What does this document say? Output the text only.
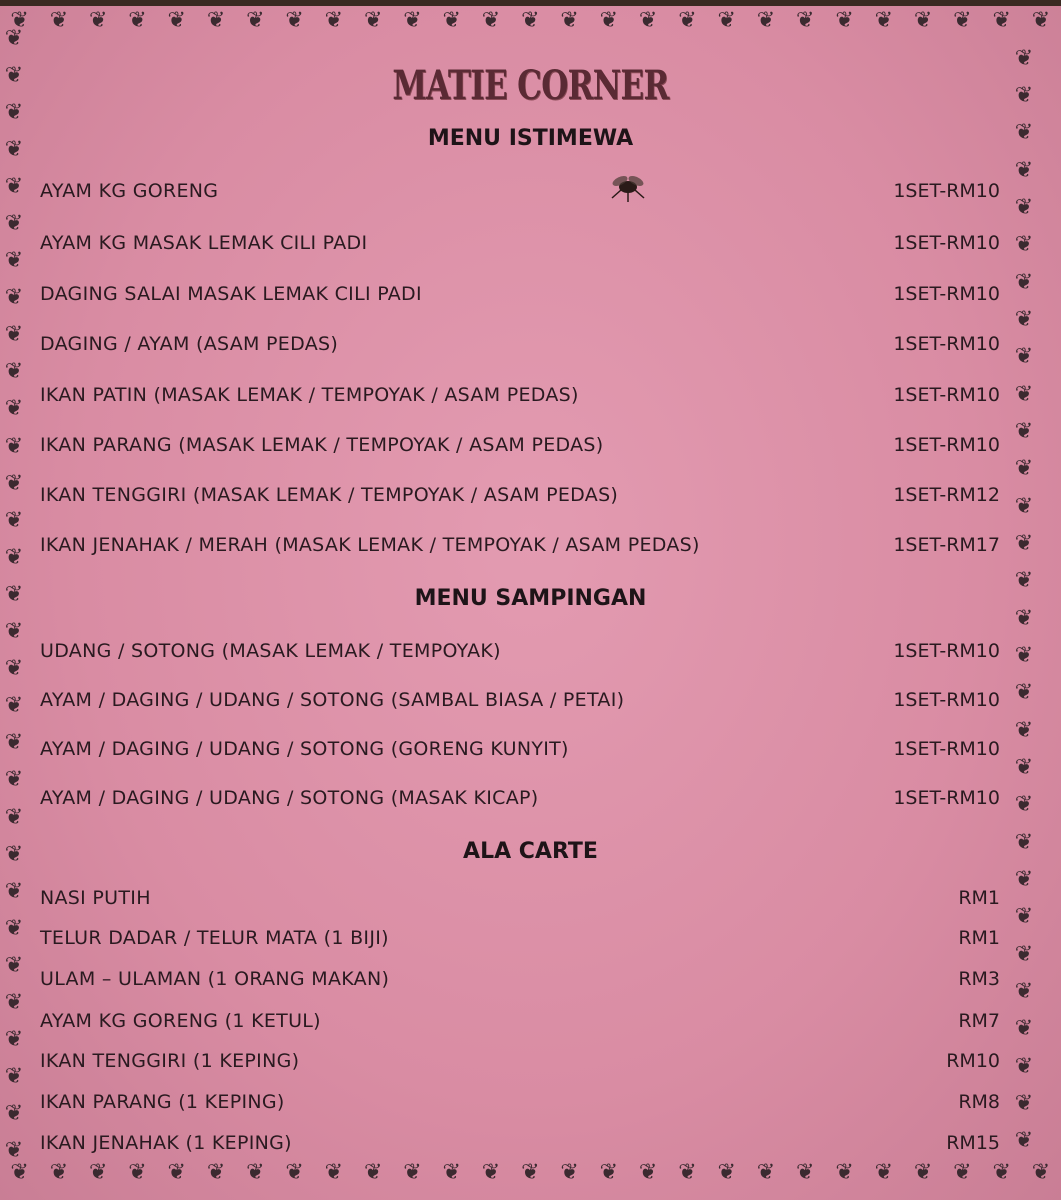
❦ ❦ ❦ ❦ ❦ ❦ ❦ ❦ ❦ ❦ ❦ ❦ ❦ ❦ ❦ ❦ ❦ ❦ ❦ ❦ ❦ ❦ ❦ ❦ ❦ ❦ ❦
❦ ❦ ❦ ❦ ❦ ❦ ❦ ❦ ❦ ❦ ❦ ❦ ❦ ❦ ❦ ❦ ❦ ❦ ❦ ❦ ❦ ❦ ❦ ❦ ❦ ❦ ❦
❦
❦
❦
❦
❦
❦
❦
❦
❦
❦
❦
❦
❦
❦
❦
❦
❦
❦
❦
❦
❦
❦
❦
❦
❦
❦
❦
❦
❦
❦
❦
❦
❦
❦
❦
❦
❦
❦
❦
❦
❦
❦
❦
❦
❦
❦
❦
❦
❦
❦
❦
❦
❦
❦
❦
❦
❦
❦
❦
❦
❦
MATIE CORNER
MENU ISTIMEWA
AYAM KG GORENG	1SET-RM10
AYAM KG MASAK LEMAK CILI PADI	1SET-RM10
DAGING SALAI MASAK LEMAK CILI PADI	1SET-RM10
DAGING / AYAM (ASAM PEDAS)	1SET-RM10
IKAN PATIN (MASAK LEMAK / TEMPOYAK / ASAM PEDAS)	1SET-RM10
IKAN PARANG (MASAK LEMAK / TEMPOYAK / ASAM PEDAS)	1SET-RM10
IKAN TENGGIRI (MASAK LEMAK / TEMPOYAK / ASAM PEDAS)	1SET-RM12
IKAN JENAHAK / MERAH (MASAK LEMAK / TEMPOYAK / ASAM PEDAS)	1SET-RM17
MENU SAMPINGAN
UDANG / SOTONG (MASAK LEMAK / TEMPOYAK)	1SET-RM10
AYAM / DAGING / UDANG / SOTONG (SAMBAL BIASA / PETAI)	1SET-RM10
AYAM / DAGING / UDANG / SOTONG (GORENG KUNYIT)	1SET-RM10
AYAM / DAGING / UDANG / SOTONG (MASAK KICAP)	1SET-RM10
ALA CARTE
NASI PUTIH	RM1
TELUR DADAR / TELUR MATA (1 BIJI)	RM1
ULAM – ULAMAN (1 ORANG MAKAN)	RM3
AYAM KG GORENG (1 KETUL)	RM7
IKAN TENGGIRI (1 KEPING)	RM10
IKAN PARANG (1 KEPING)	RM8
IKAN JENAHAK (1 KEPING)	RM15
